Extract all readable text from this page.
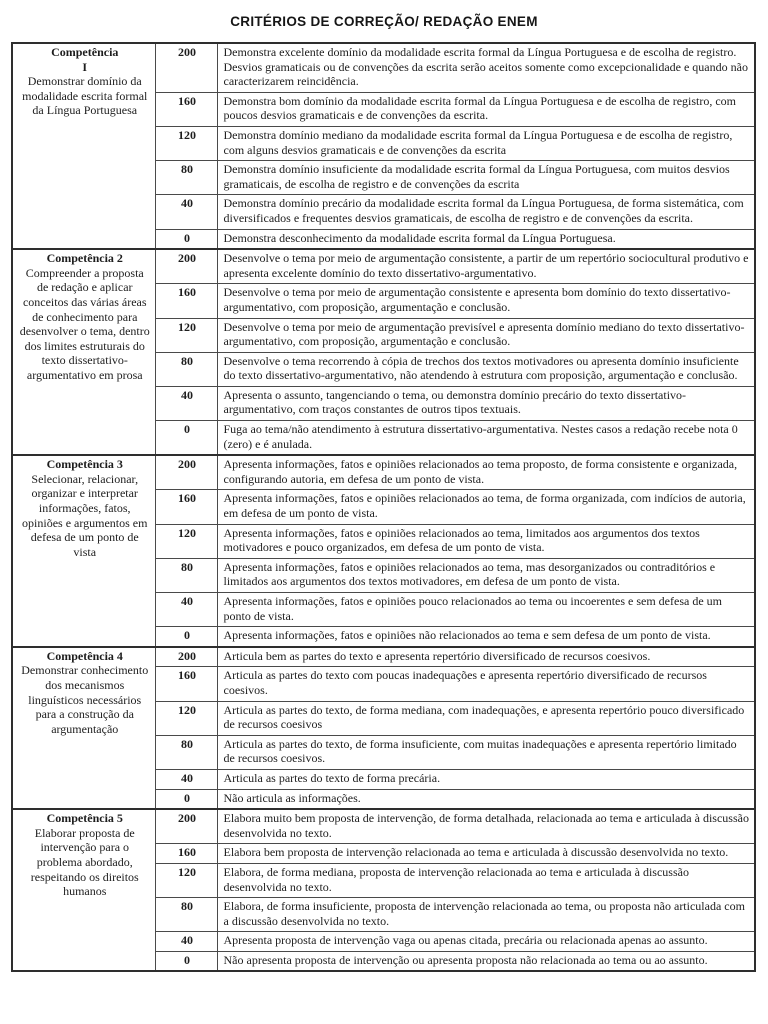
CRITÉRIOS DE CORREÇÃO/ REDAÇÃO ENEM
Competência
I
Demonstrar domínio da modalidade escrita formal da Língua Portuguesa
	200	Demonstra excelente domínio da modalidade escrita formal da Língua Portuguesa e de escolha de registro. Desvios gramaticais ou de convenções da escrita serão aceitos somente como excepcionalidade e quando não caracterizarem reincidência.
	160	Demonstra bom domínio da modalidade escrita formal da Língua Portuguesa e de escolha de registro, com poucos desvios gramaticais e de convenções da escrita.
	120	Demonstra domínio mediano da modalidade escrita formal da Língua Portuguesa e de escolha de registro, com alguns desvios gramaticais e de convenções da escrita
	80	Demonstra domínio insuficiente da modalidade escrita formal da Língua Portuguesa, com muitos desvios gramaticais, de escolha de registro e de convenções da escrita
	40	Demonstra domínio precário da modalidade escrita formal da Língua Portuguesa, de forma sistemática, com diversificados e frequentes desvios gramaticais, de escolha de registro e de convenções da escrita.
	0	Demonstra desconhecimento da modalidade escrita formal da Língua Portuguesa.

Competência 2
Compreender a proposta de redação e aplicar conceitos das várias áreas de conhecimento para desenvolver o tema, dentro dos limites estruturais do texto dissertativo-argumentativo em prosa	200	Desenvolve o tema por meio de argumentação consistente, a partir de um repertório sociocultural produtivo e apresenta excelente domínio do texto dissertativo-argumentativo.
	160	Desenvolve o tema por meio de argumentação consistente e apresenta bom domínio do texto dissertativo-argumentativo, com proposição, argumentação e conclusão.
	120	Desenvolve o tema por meio de argumentação previsível e apresenta domínio mediano do texto dissertativo-argumentativo, com proposição, argumentação e conclusão.
	80	Desenvolve o tema recorrendo à cópia de trechos dos textos motivadores ou apresenta domínio insuficiente do texto dissertativo-argumentativo, não atendendo à estrutura com proposição, argumentação e conclusão.
	40	Apresenta o assunto, tangenciando o tema, ou demonstra domínio precário do texto dissertativo-argumentativo, com traços constantes de outros tipos textuais.
	0	Fuga ao tema/não atendimento à estrutura dissertativo-argumentativa. Nestes casos a redação recebe nota 0 (zero) e é anulada.

Competência 3
Selecionar, relacionar, organizar e interpretar informações, fatos, opiniões e argumentos em defesa de um ponto de vista	200	Apresenta informações, fatos e opiniões relacionados ao tema proposto, de forma consistente e organizada, configurando autoria, em defesa de um ponto de vista.
	160	Apresenta informações, fatos e opiniões relacionados ao tema, de forma organizada, com indícios de autoria, em defesa de um ponto de vista.
	120	Apresenta informações, fatos e opiniões relacionados ao tema, limitados aos argumentos dos textos motivadores e pouco organizados, em defesa de um ponto de vista.
	80	Apresenta informações, fatos e opiniões relacionados ao tema, mas desorganizados ou contraditórios e limitados aos argumentos dos textos motivadores, em defesa de um ponto de vista.
	40	Apresenta informações, fatos e opiniões pouco relacionados ao tema ou incoerentes e sem defesa de um ponto de vista.
	0	Apresenta informações, fatos e opiniões não relacionados ao tema e sem defesa de um ponto de vista.

Competência 4
Demonstrar conhecimento dos mecanismos linguísticos necessários para a construção da argumentação	200	Articula bem as partes do texto e apresenta repertório diversificado de recursos coesivos.
	160	Articula as partes do texto com poucas inadequações e apresenta repertório diversificado de recursos coesivos.
	120	Articula as partes do texto, de forma mediana, com inadequações, e apresenta repertório pouco diversificado de recursos coesivos
	80	Articula as partes do texto, de forma insuficiente, com muitas inadequações e apresenta repertório limitado de recursos coesivos.
	40	Articula as partes do texto de forma precária.
	0	Não articula as informações.

Competência 5
Elaborar proposta de intervenção para o problema abordado, respeitando os direitos humanos	200	Elabora muito bem proposta de intervenção, de forma detalhada, relacionada ao tema e articulada à discussão desenvolvida no texto.
	160	Elabora bem proposta de intervenção relacionada ao tema e articulada à discussão desenvolvida no texto.
	120	Elabora, de forma mediana, proposta de intervenção relacionada ao tema e articulada à discussão desenvolvida no texto.
	80	Elabora, de forma insuficiente, proposta de intervenção relacionada ao tema, ou proposta não articulada com a discussão desenvolvida no texto.
	40	Apresenta proposta de intervenção vaga ou apenas citada, precária ou relacionada apenas ao assunto.
	0	Não apresenta proposta de intervenção ou apresenta proposta não relacionada ao tema ou ao assunto.
